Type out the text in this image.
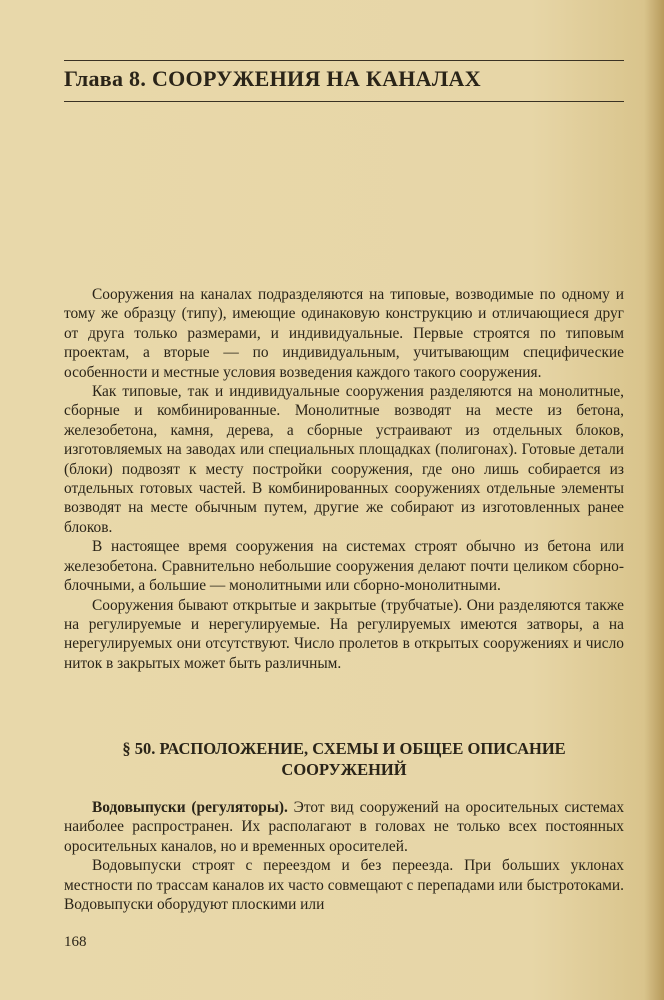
Глава 8. СООРУЖЕНИЯ НА КАНАЛАХ

Сооружения на каналах подразделяются на типовые, возводимые по одному и тому же образцу (типу), имеющие одинаковую конструкцию и отличающиеся друг от друга только размерами, и индивидуальные. Первые строятся по типовым проектам, а вторые — по индивидуальным, учитывающим специфические особенности и местные условия возведения каждого такого сооружения.

Как типовые, так и индивидуальные сооружения разделяются на монолитные, сборные и комбинированные. Монолитные возводят на месте из бетона, железобетона, камня, дерева, а сборные устраивают из отдельных блоков, изготовляемых на заводах или специальных площадках (полигонах). Готовые детали (блоки) подвозят к месту постройки сооружения, где оно лишь собирается из отдельных готовых частей. В комбинированных сооружениях отдельные элементы возводят на месте обычным путем, другие же собирают из изготовленных ранее блоков.

В настоящее время сооружения на системах строят обычно из бетона или железобетона. Сравнительно небольшие сооружения делают почти целиком сборно-блочными, а большие — монолитными или сборно-монолитными.

Сооружения бывают открытые и закрытые (трубчатые). Они разделяются также на регулируемые и нерегулируемые. На регулируемых имеются затворы, а на нерегулируемых они отсутствуют. Число пролетов в открытых сооружениях и число ниток в закрытых может быть различным.

§ 50. РАСПОЛОЖЕНИЕ, СХЕМЫ И ОБЩЕЕ ОПИСАНИЕ СООРУЖЕНИЙ

Водовыпуски (регуляторы). Этот вид сооружений на оросительных системах наиболее распространен. Их располагают в головах не только всех постоянных оросительных каналов, но и временных оросителей.

Водовыпуски строят с переездом и без переезда. При больших уклонах местности по трассам каналов их часто совмещают с перепадами или быстротоками. Водовыпуски оборудуют плоскими или

168
